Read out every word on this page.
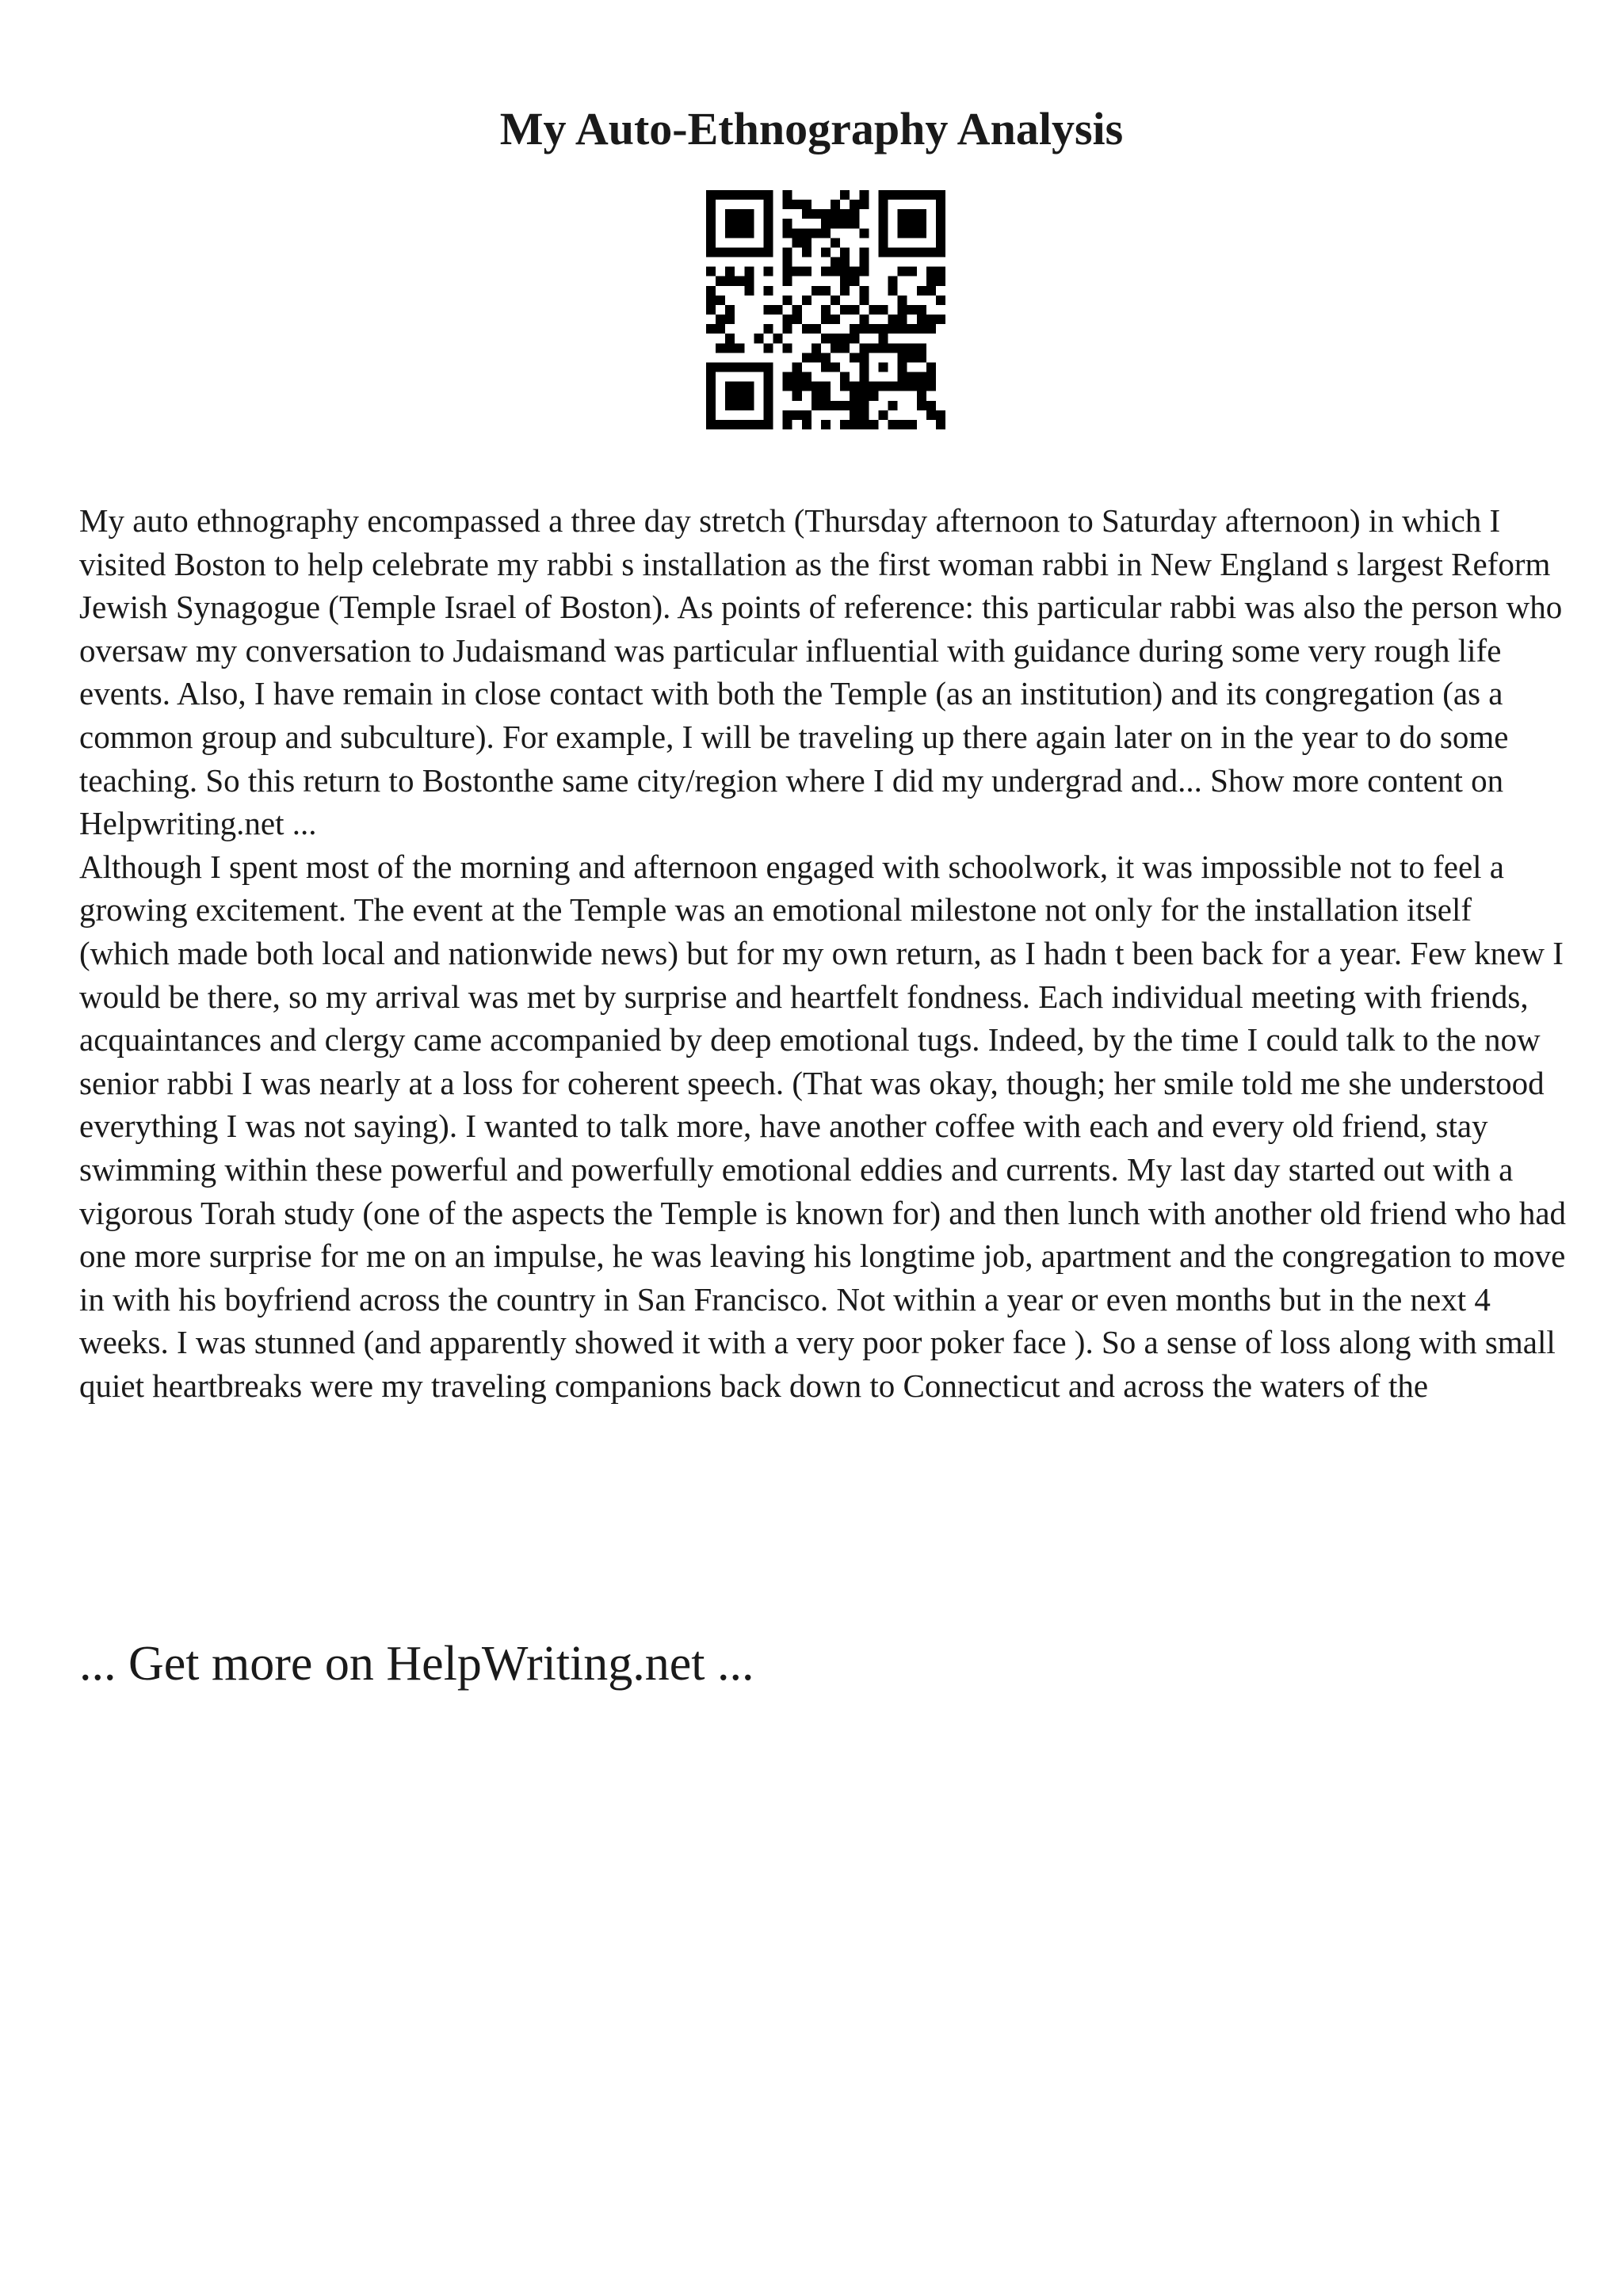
My Auto-Ethnography Analysis

My auto ethnography encompassed a three day stretch (Thursday afternoon to Saturday afternoon) in which I visited Boston to help celebrate my rabbi s installation as the first woman rabbi in New England s largest Reform Jewish Synagogue (Temple Israel of Boston). As points of reference: this particular rabbi was also the person who oversaw my conversation to Judaismand was particular influential with guidance during some very rough life events. Also, I have remain in close contact with both the Temple (as an institution) and its congregation (as a common group and subculture). For example, I will be traveling up there again later on in the year to do some teaching. So this return to Bostonthe same city/region where I did my undergrad and... Show more content on Helpwriting.net ...

Although I spent most of the morning and afternoon engaged with schoolwork, it was impossible not to feel a growing excitement. The event at the Temple was an emotional milestone not only for the installation itself (which made both local and nationwide news) but for my own return, as I hadn t been back for a year. Few knew I would be there, so my arrival was met by surprise and heartfelt fondness. Each individual meeting with friends, acquaintances and clergy came accompanied by deep emotional tugs. Indeed, by the time I could talk to the now senior rabbi I was nearly at a loss for coherent speech. (That was okay, though; her smile told me she understood everything I was not saying). I wanted to talk more, have another coffee with each and every old friend, stay swimming within these powerful and powerfully emotional eddies and currents. My last day started out with a vigorous Torah study (one of the aspects the Temple is known for) and then lunch with another old friend who had one more surprise for me on an impulse, he was leaving his longtime job, apartment and the congregation to move in with his boyfriend across the country in San Francisco. Not within a year or even months but in the next 4 weeks. I was stunned (and apparently showed it with a very poor poker face ). So a sense of loss along with small quiet heartbreaks were my traveling companions back down to Connecticut and across the waters of the

... Get more on HelpWriting.net ...
